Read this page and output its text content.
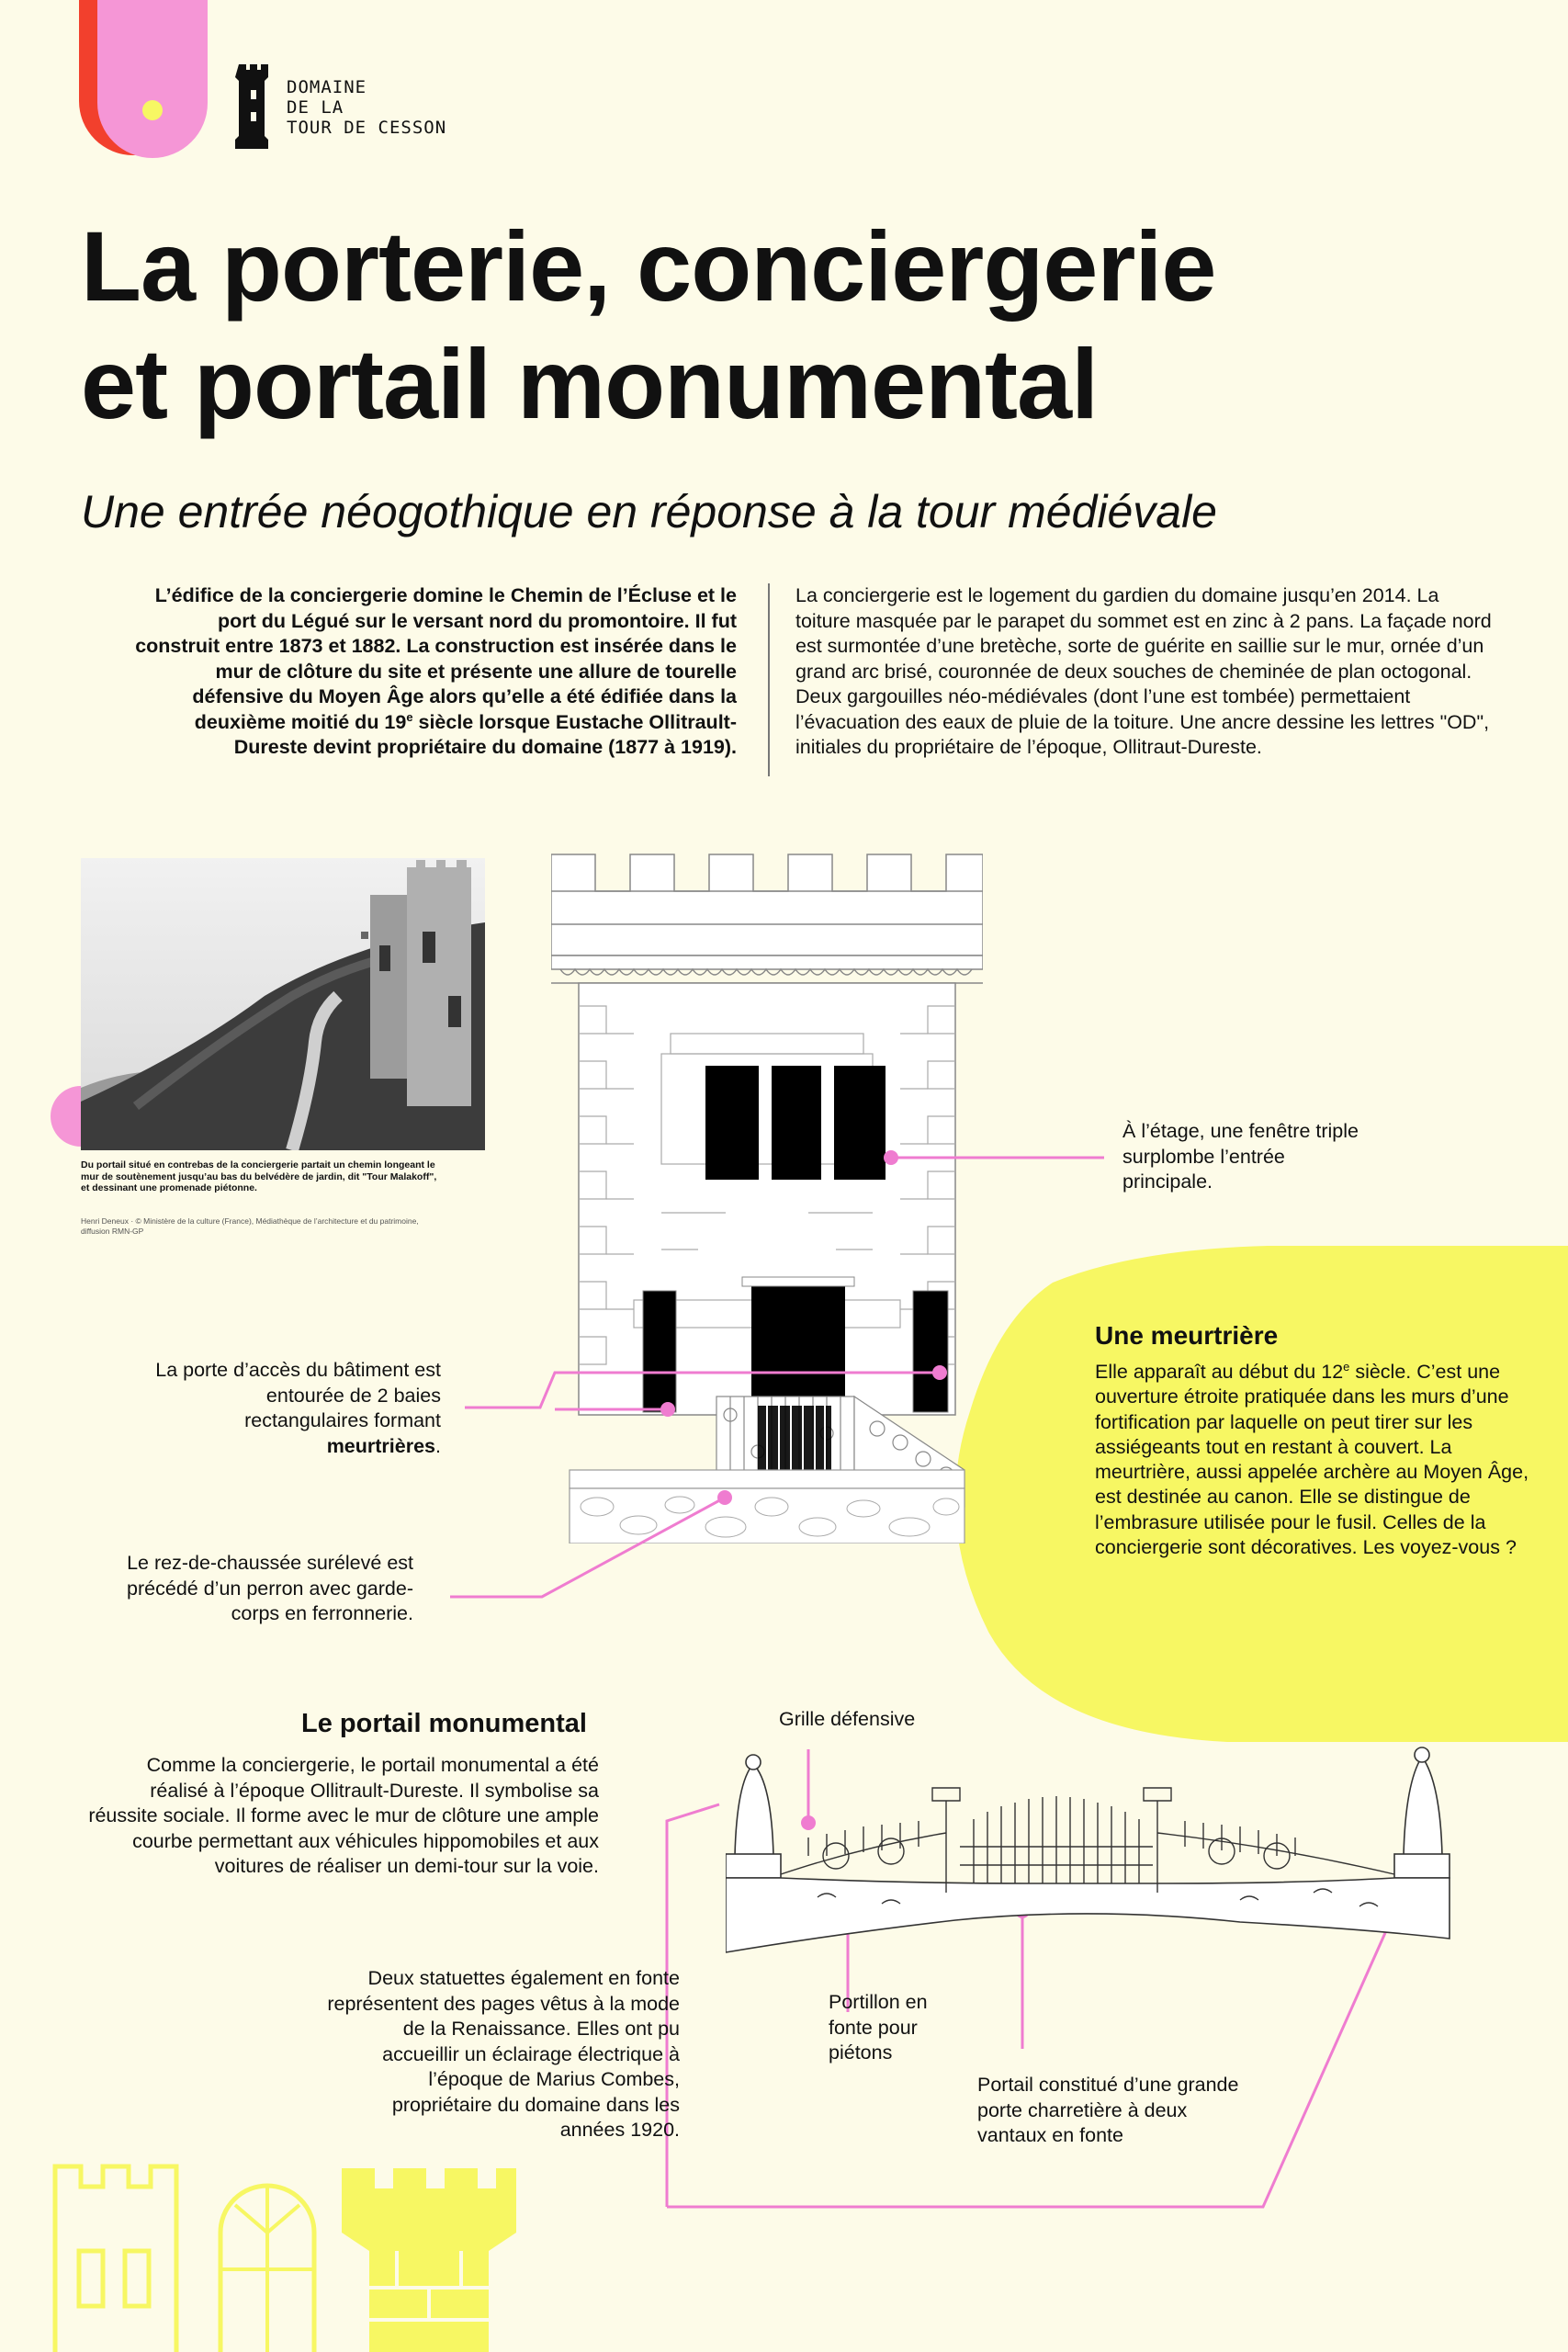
DOMAINE
DE LA
TOUR DE CESSON
La porterie, conciergerie
et portail monumental
Une entrée néogothique en réponse à la tour médiévale
L’édifice de la conciergerie domine le Chemin de l’Écluse et le port du Légué sur le versant nord du promontoire. Il fut construit entre 1873 et 1882. La construction est insérée dans le mur de clôture du site et présente une allure de tourelle défensive du Moyen Âge alors qu’elle a été édifiée dans la deuxième moitié du 19e siècle lorsque Eustache Ollitrault-Dureste devint propriétaire du domaine (1877 à 1919).
La conciergerie est le logement du gardien du domaine jusqu’en 2014. La toiture masquée par le parapet du sommet est en zinc à 2 pans. La façade nord est surmontée d’une bretèche, sorte de guérite en saillie sur le mur, ornée d’un grand arc brisé, couronnée de deux souches de cheminée de plan octogonal. Deux gargouilles néo-médiévales (dont l’une est tombée) permettaient l’évacuation des eaux de pluie de la toiture. Une ancre dessine les lettres "OD", initiales du propriétaire de l’époque, Ollitraut-Dureste.
Du portail situé en contrebas de la conciergerie partait un chemin longeant le mur de soutènement jusqu’au bas du belvédère de jardin, dit "Tour Malakoff", et dessinant une promenade piétonne.
Henri Deneux · © Ministère de la culture (France), Médiathèque de l’architecture et du patrimoine, diffusion RMN-GP
À l’étage, une fenêtre triple surplombe l’entrée principale.
La porte d’accès du bâtiment est entourée de 2 baies rectangulaires formant meurtrières.
Le rez-de-chaussée surélevé est précédé d’un perron avec garde-corps en ferronnerie.
Une meurtrière
Elle apparaît au début du 12e siècle. C’est une ouverture étroite pratiquée dans les murs d’une fortification par laquelle on peut tirer sur les assiégeants tout en restant à couvert. La meurtrière, aussi appelée archère au Moyen Âge, est destinée au canon. Elle se distingue de l’embrasure utilisée pour le fusil. Celles de la conciergerie sont décoratives. Les voyez-vous ?
Le portail monumental
Comme la conciergerie, le portail monumental a été réalisé à l’époque Ollitrault-Dureste. Il symbolise sa réussite sociale. Il forme avec le mur de clôture une ample courbe permettant aux véhicules hippomobiles et aux voitures de réaliser un demi-tour sur la voie.
Grille défensive
Portillon en fonte pour piétons
Deux statuettes également en fonte représentent des pages vêtus à la mode de la Renaissance. Elles ont pu accueillir un éclairage électrique à l’époque de Marius Combes, propriétaire du domaine dans les années 1920.
Portail constitué d’une grande porte charretière à deux vantaux en fonte
